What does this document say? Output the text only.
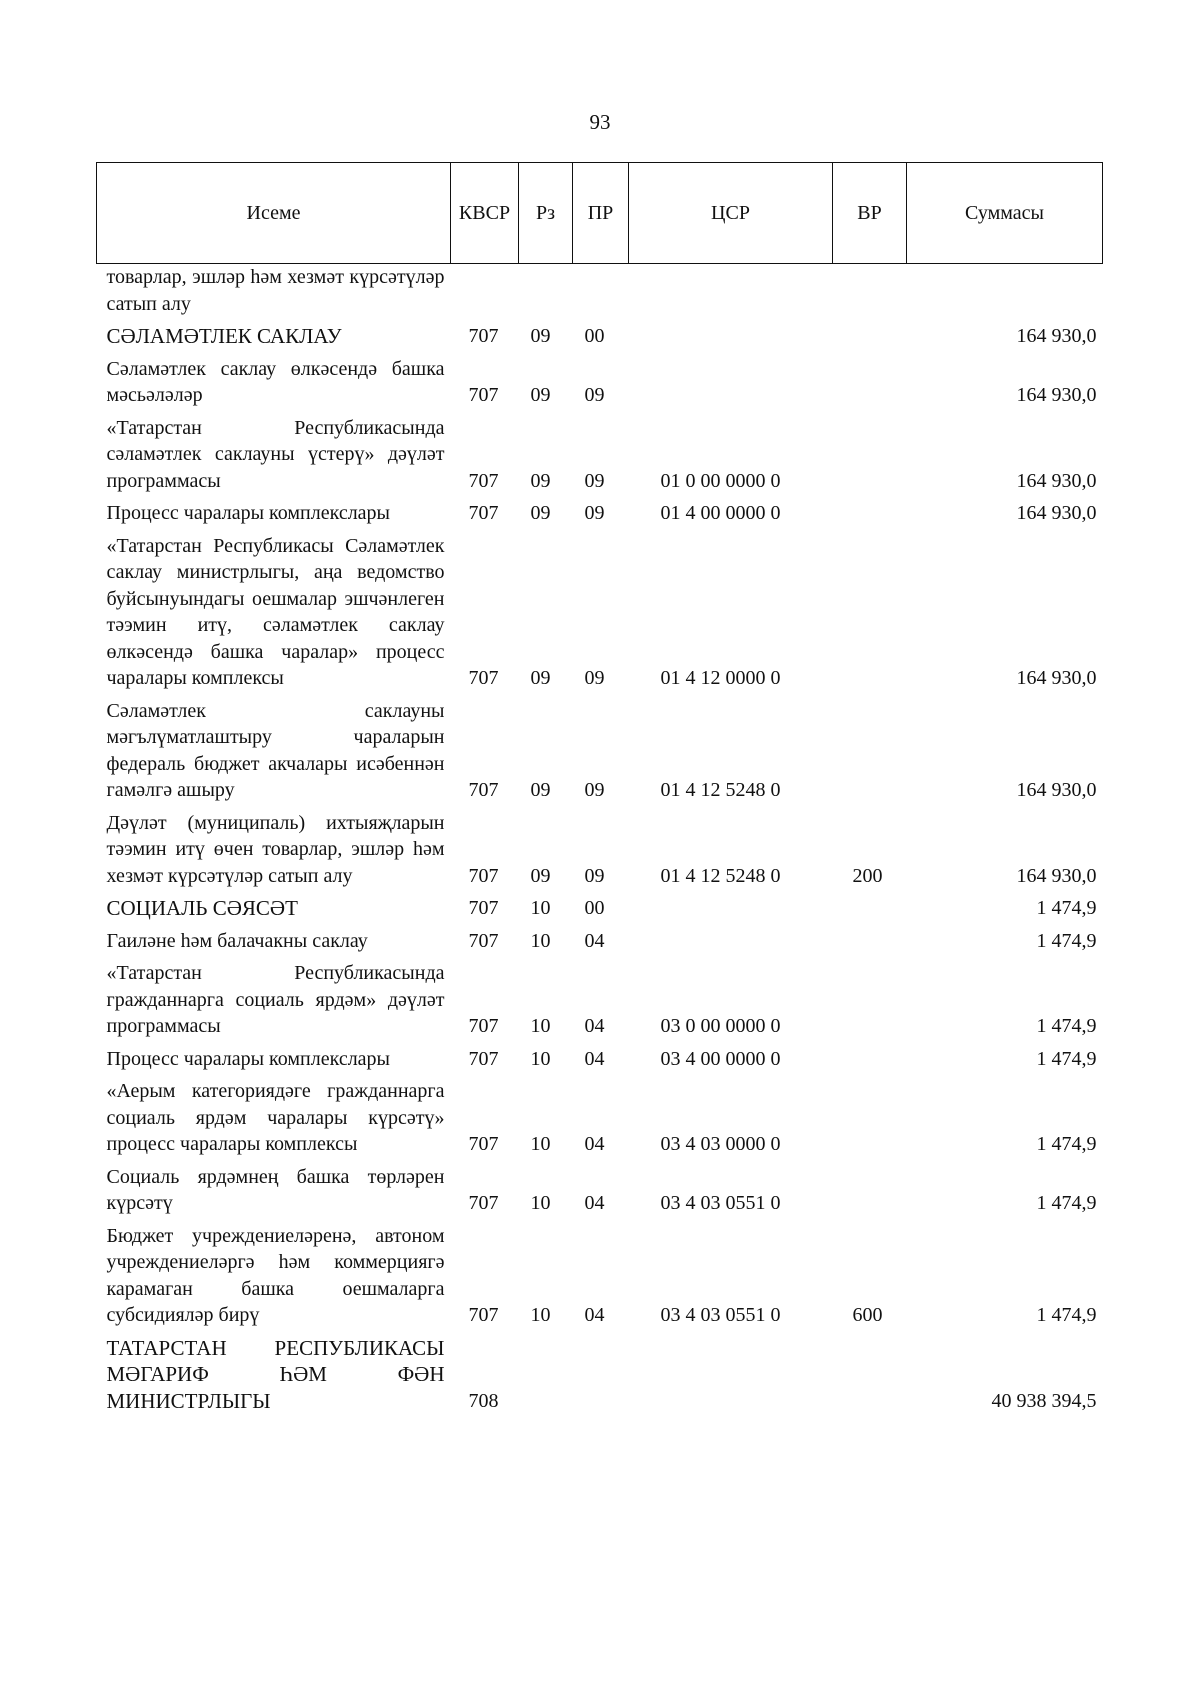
93
Исеме	КВСР	Рз	ПР	ЦСР	ВР	Суммасы
товарлар, эшләр һәм хезмәт күрсәтүләр сатып алу						
СӘЛАМӘТЛЕК САКЛАУ	707	09	00			164 930,0
Сәламәтлек саклау өлкәсендә башка мәсьәләләр	707	09	09			164 930,0
«Татарстан Республикасында сәламәтлек саклауны үстерү» дәүләт программасы	707	09	09	01 0 00 0000 0		164 930,0
Процесс чаралары комплекслары	707	09	09	01 4 00 0000 0		164 930,0
«Татарстан Республикасы Сәламәтлек саклау министрлыгы, аңа ведомство буйсынуындагы оешмалар эшчәнлеген тәэмин итү, сәламәтлек саклау өлкәсендә башка чаралар» процесс чаралары комплексы	707	09	09	01 4 12 0000 0		164 930,0
Сәламәтлек саклауны мәгълүматлаштыру чараларын федераль бюджет акчалары исәбеннән гамәлгә ашыру	707	09	09	01 4 12 5248 0		164 930,0
Дәүләт (муниципаль) ихтыяҗларын тәэмин итү өчен товарлар, эшләр һәм хезмәт күрсәтүләр сатып алу	707	09	09	01 4 12 5248 0	200	164 930,0
СОЦИАЛЬ СӘЯСӘТ	707	10	00			1 474,9
Гаиләне һәм балачакны саклау	707	10	04			1 474,9
«Татарстан Республикасында гражданнарга социаль ярдәм» дәүләт программасы	707	10	04	03 0 00 0000 0		1 474,9
Процесс чаралары комплекслары	707	10	04	03 4 00 0000 0		1 474,9
«Аерым категориядәге гражданнарга социаль ярдәм чаралары күрсәтү» процесс чаралары комплексы	707	10	04	03 4 03 0000 0		1 474,9
Социаль ярдәмнең башка төрләрен күрсәтү	707	10	04	03 4 03 0551 0		1 474,9
Бюджет учреждениеләренә, автоном учреждениеләргә һәм коммерциягә карамаган башка оешмаларга субсидияләр бирү	707	10	04	03 4 03 0551 0	600	1 474,9
ТАТАРСТАН РЕСПУБЛИКАСЫ МӘГАРИФ ҺӘМ ФӘН МИНИСТРЛЫГЫ	708					40 938 394,5
